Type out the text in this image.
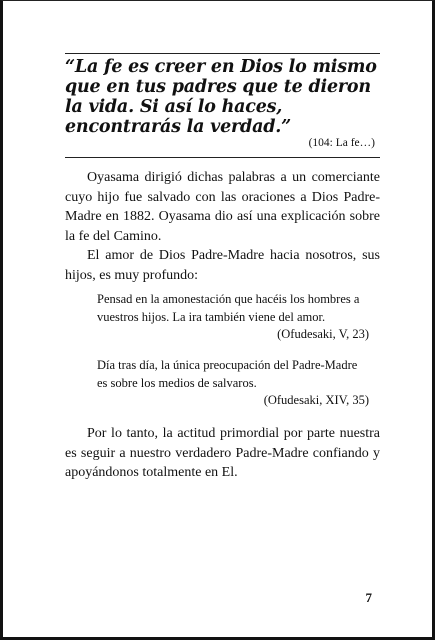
“La fe es creer en Dios lo mismo que en tus padres que te dieron la vida. Si así lo haces, encontrarás la verdad.”

(104: La fe…)

Oyasama dirigió dichas palabras a un comerciante cuyo hijo fue salvado con las oraciones a Dios Padre-Madre en 1882. Oyasama dio así una explicación sobre la fe del Camino.

El amor de Dios Padre-Madre hacia nosotros, sus hijos, es muy profundo:

Pensad en la amonestación que hacéis los hombres a vuestros hijos. La ira también viene del amor.

(Ofudesaki, V, 23)

Día tras día, la única preocupación del Padre-Madre es sobre los medios de salvaros.

(Ofudesaki, XIV, 35)

Por lo tanto, la actitud primordial por parte nuestra es seguir a nuestro verdadero Padre-Madre confiando y apoyándonos totalmente en El.

7
